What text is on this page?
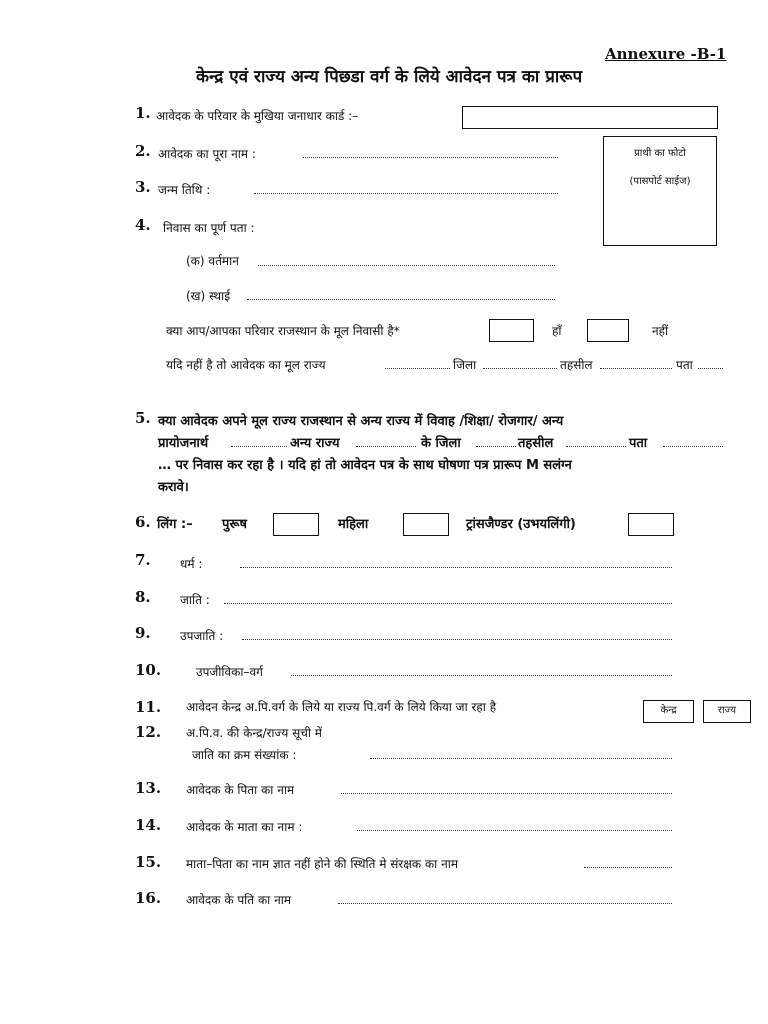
Annexure -B-1
केन्द्र एवं राज्य अन्य पिछडा वर्ग के लिये आवेदन पत्र का प्रारूप
प्राथी का फोटो
(पासपोर्ट साईज)
1. आवेदक के परिवार के मुखिया जनाधार कार्ड :–
2. आवेदक का पूरा नाम :
3. जन्म तिथि :
4. निवास का पूर्ण पता :
(क) वर्तमान
(ख) स्थाई
क्या आप/आपका परिवार राजस्थान के मूल निवासी है*	हाँ	नहीं
यदि नहीं है तो आवेदक का मूल राज्य	जिला	तहसील	पता
5. क्या आवेदक अपने मूल राज्य राजस्थान से अन्य राज्य में विवाह /शिक्षा/ रोजगार/ अन्य
प्रायोजनार्थ	अन्य राज्य	के जिला	तहसील	पता
… पर निवास कर रहा है । यदि हां तो आवेदन पत्र के साथ घोषणा पत्र प्रारूप M सलंग्न
करावे।
6. लिंग :– पुरूष	महिला	ट्रांसजैण्डर (उभयलिंगी)
7. धर्म :
8. जाति :
9. उपजाति :
10.	उपजीविका–वर्ग
11. आवेदन केन्द्र अ.पि.वर्ग के लिये या राज्य पि.वर्ग के लिये किया जा रहा है	केन्द्र	राज्य
12. अ.पि.व. की केन्द्र/राज्य सूची में
जाति का क्रम संख्यांक :
13. आवेदक के पिता का नाम
14. आवेदक के माता का नाम :
15. माता–पिता का नाम ज्ञात नहीं होने की स्थिति मे संरक्षक का नाम
16. आवेदक के पति का नाम
